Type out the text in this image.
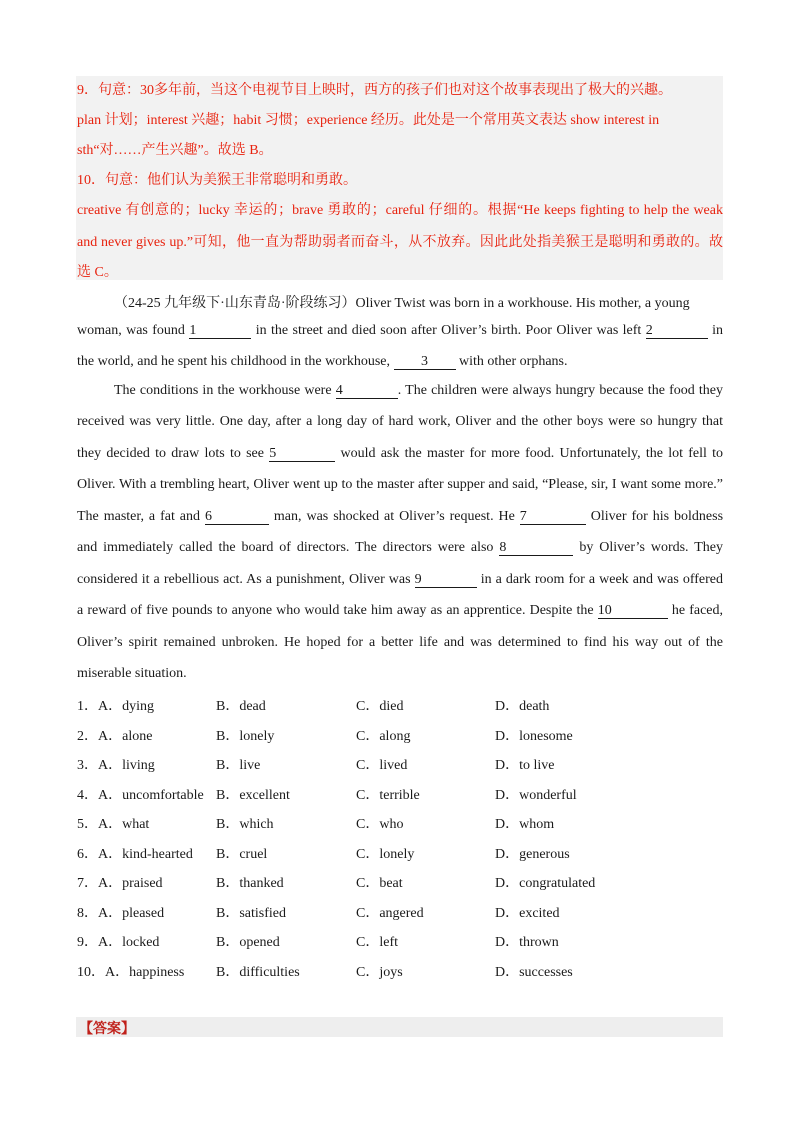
9．句意：30多年前，当这个电视节目上映时，西方的孩子们也对这个故事表现出了极大的兴趣。
plan 计划；interest 兴趣；habit 习惯；experience 经历。此处是一个常用英文表达 show interest in
sth“对……产生兴趣”。故选 B。
10．句意：他们认为美猴王非常聪明和勇敢。
creative 有创意的；lucky 幸运的；brave 勇敢的；careful 仔细的。根据“He keeps fighting to help the weak
and never gives up.”可知，他一直为帮助弱者而奋斗，从不放弃。因此此处指美猴王是聪明和勇敢的。故
选 C。
（24-25 九年级下·山东青岛·阶段练习）Oliver Twist was born in a workhouse. His mother, a young
woman, was found 1	in the street and died soon after Oliver’s birth. Poor Oliver was left 2	in
the world, and he spent his childhood in the workhouse, 3 with other orphans.
The conditions in the workhouse were 4	. The children were always hungry because the food they
received was very little. One day, after a long day of hard work, Oliver and the other boys were so hungry that
they decided to draw lots to see 5	would ask the master for more food. Unfortunately, the lot fell to
Oliver. With a trembling heart, Oliver went up to the master after supper and said, “Please, sir, I want some more.”
The master, a fat and 6	man, was shocked at Oliver’s request. He 7	Oliver for his boldness
and immediately called the board of directors. The directors were also 8	by Oliver’s words. They
considered it a rebellious act. As a punishment, Oliver was 9	in a dark room for a week and was offered
a reward of five pounds to anyone who would take him away as an apprentice. Despite the 10	he faced,
Oliver’s spirit remained unbroken. He hoped for a better life and was determined to find his way out of the
miserable situation.
1．A．dying	B．dead	C．died	D．death
2．A．alone	B．lonely	C．along	D．lonesome
3．A．living	B．live	C．lived	D．to live
4．A．uncomfortable B．excellent	C．terrible	D．wonderful
5．A．what	B．which	C．who	D．whom
6．A．kind-hearted B．cruel	C．lonely	D．generous
7．A．praised	B．thanked	C．beat	D．congratulated
8．A．pleased	B．satisfied	C．angered	D．excited
9．A．locked	B．opened	C．left	D．thrown
10．A．happiness B．difficulties	C．joys	D．successes
【答案】
